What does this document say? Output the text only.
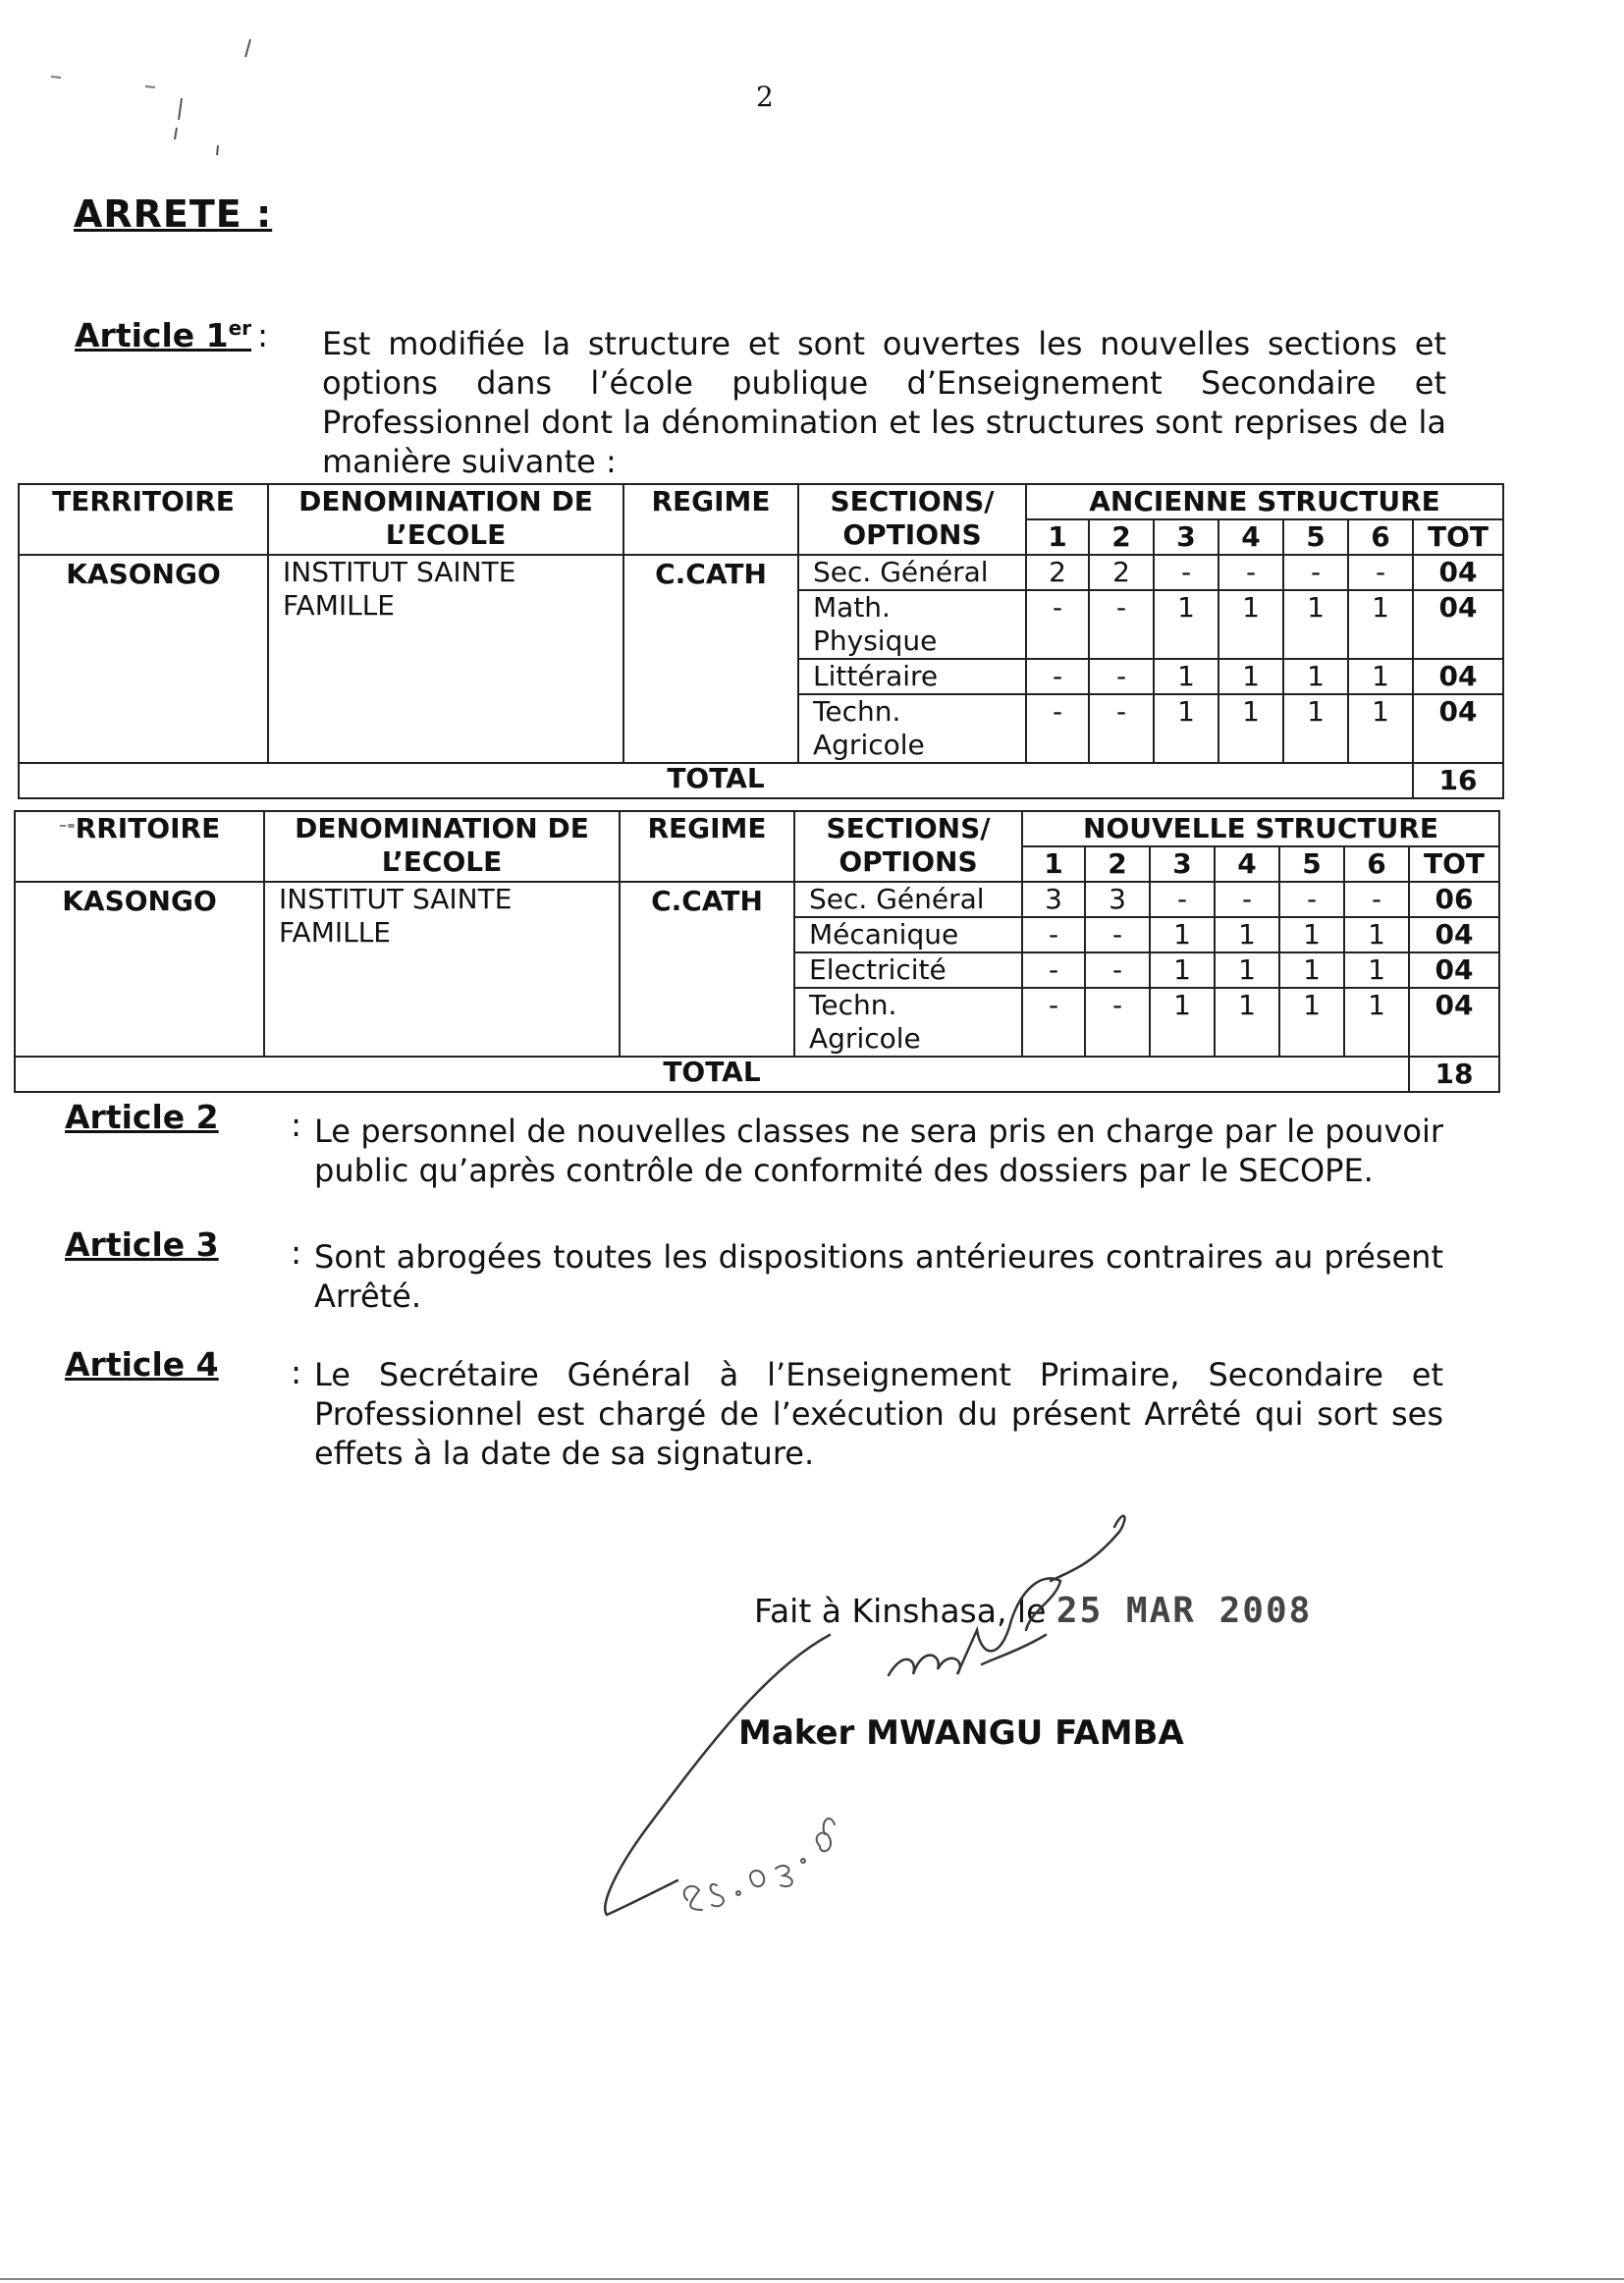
2
ARRETE :
Article 1er : Est modifiée la structure et sont ouvertes les nouvelles sections et options dans l’école publique d’Enseignement Secondaire et Professionnel dont la dénomination et les structures sont reprises de la manière suivante :
TERRITOIRE	DENOMINATION DE L’ECOLE	REGIME	SECTIONS/ OPTIONS	ANCIENNE STRUCTURE						
				1	2	3	4	5	6	TOT
KASONGO	INSTITUT SAINTE FAMILLE	C.CATH	Sec. Général	2	2	-	-	-	-	04
			Math. Physique	-	-	1	1	1	1	04
			Littéraire	-	-	1	1	1	1	04
			Techn. Agricole	-	-	1	1	1	1	04
TOTAL										16
⁻⁼RRITOIRE	DENOMINATION DE L’ECOLE	REGIME	SECTIONS/ OPTIONS	NOUVELLE STRUCTURE						
				1	2	3	4	5	6	TOT
KASONGO	INSTITUT SAINTE FAMILLE	C.CATH	Sec. Général	3	3	-	-	-	-	06
			Mécanique	-	-	1	1	1	1	04
			Electricité	-	-	1	1	1	1	04
			Techn. Agricole	-	-	1	1	1	1	04
TOTAL										18
Article 2 : Le personnel de nouvelles classes ne sera pris en charge par le pouvoir public qu’après contrôle de conformité des dossiers par le SECOPE.
Article 3 : Sont abrogées toutes les dispositions antérieures contraires au présent Arrêté.
Article 4 : Le Secrétaire Général à l’Enseignement Primaire, Secondaire et Professionnel est chargé de l’exécution du présent Arrêté qui sort ses effets à la date de sa signature.
Fait à Kinshasa, le 25 MAR 2008
Maker MWANGU FAMBA
